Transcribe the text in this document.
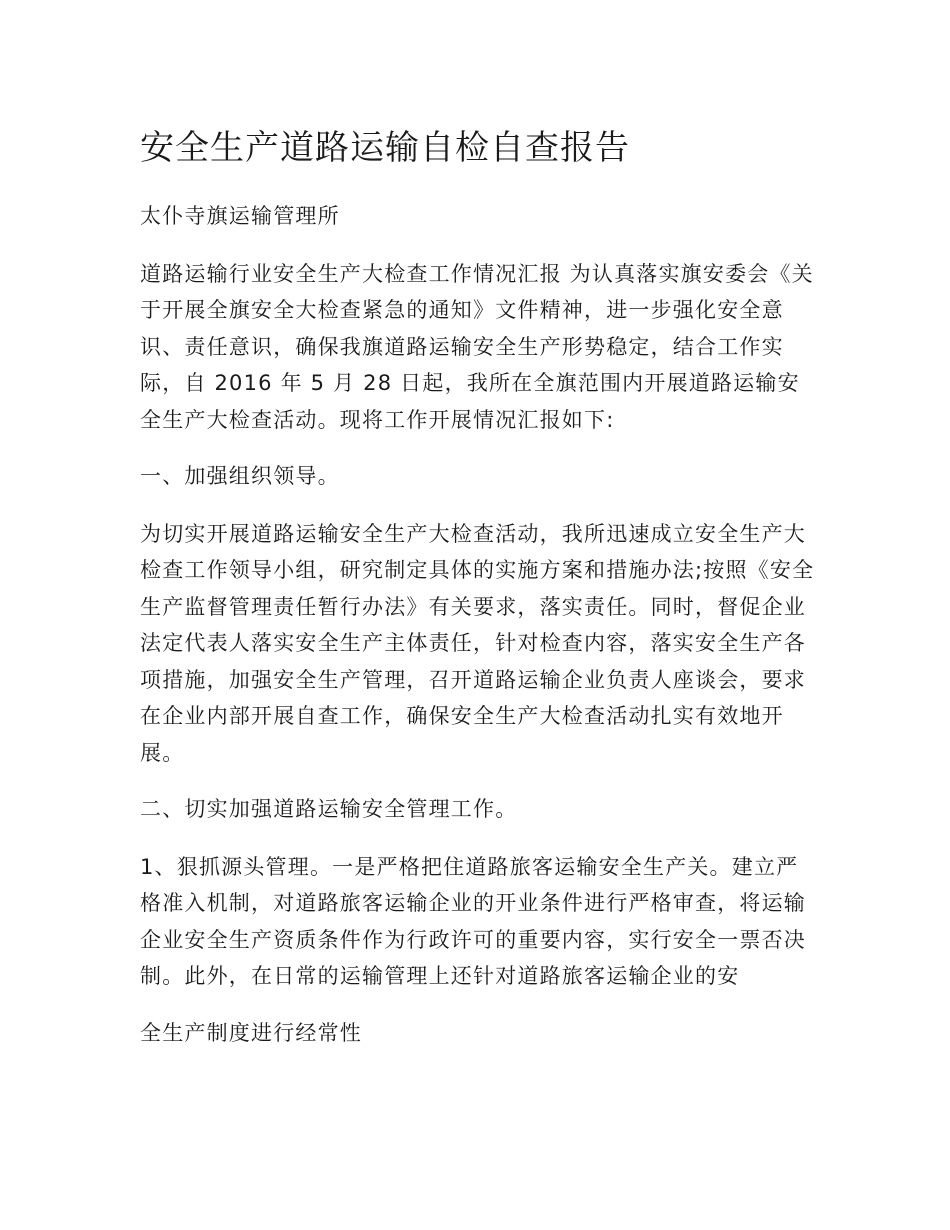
安全生产道路运输自检自查报告

太仆寺旗运输管理所

道路运输行业安全生产大检查工作情况汇报 为认真落实旗安委会《关于开展全旗安全大检查紧急的通知》文件精神，进一步强化安全意识、责任意识，确保我旗道路运输安全生产形势稳定，结合工作实际，自 2016 年 5 月 28 日起，我所在全旗范围内开展道路运输安全生产大检查活动。现将工作开展情况汇报如下:

一、加强组织领导。

为切实开展道路运输安全生产大检查活动，我所迅速成立安全生产大检查工作领导小组，研究制定具体的实施方案和措施办法;按照《安全生产监督管理责任暂行办法》有关要求，落实责任。同时，督促企业法定代表人落实安全生产主体责任，针对检查内容，落实安全生产各项措施，加强安全生产管理，召开道路运输企业负责人座谈会，要求在企业内部开展自查工作，确保安全生产大检查活动扎实有效地开展。

二、切实加强道路运输安全管理工作。

1、狠抓源头管理。一是严格把住道路旅客运输安全生产关。建立严格准入机制，对道路旅客运输企业的开业条件进行严格审查，将运输企业安全生产资质条件作为行政许可的重要内容，实行安全一票否决制。此外，在日常的运输管理上还针对道路旅客运输企业的安

全生产制度进行经常性
